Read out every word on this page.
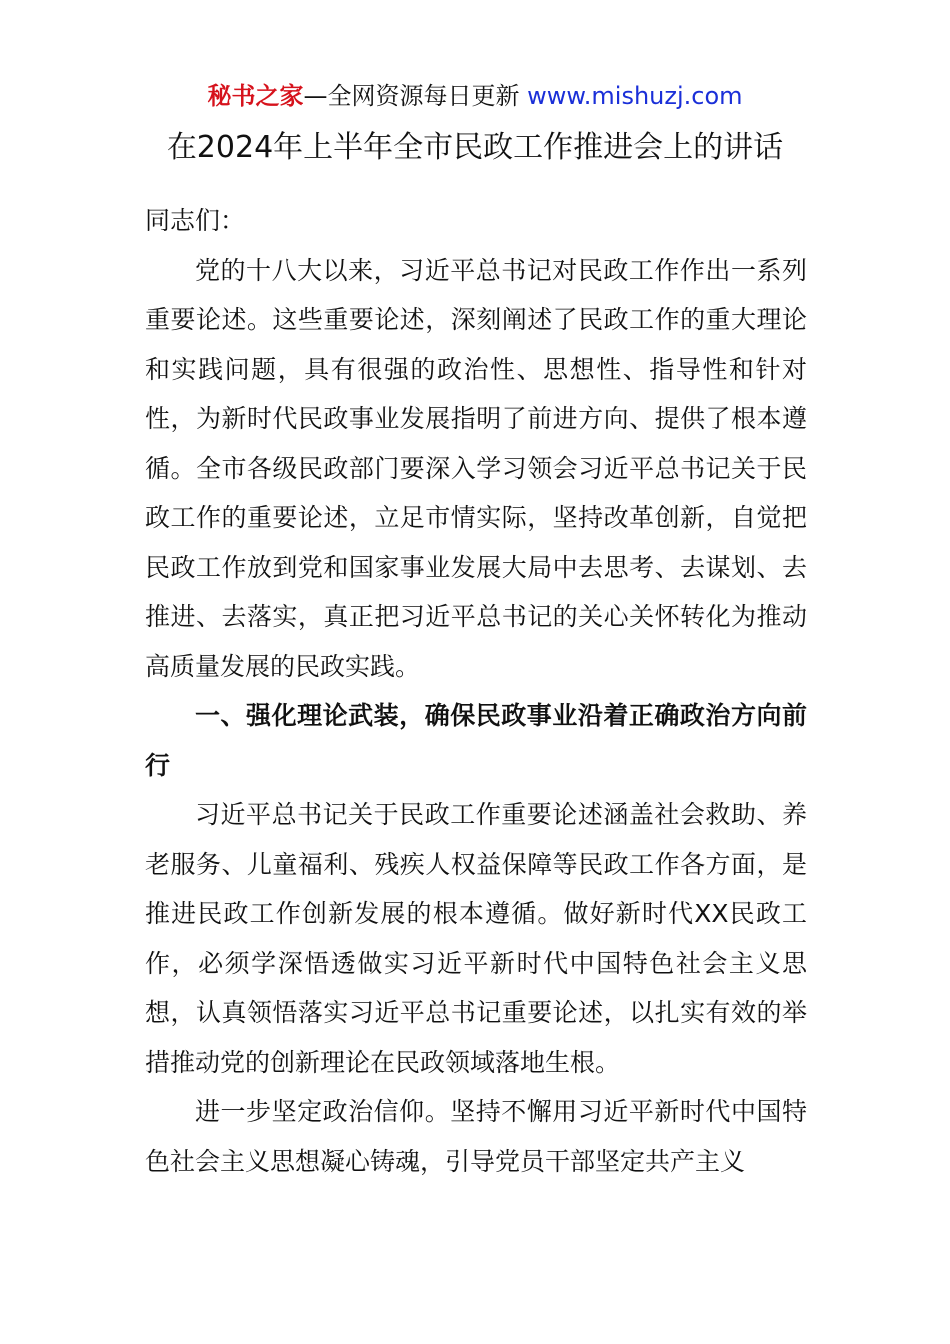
秘书之家—全网资源每日更新 www.mishuzj.com
在2024年上半年全市民政工作推进会上的讲话

同志们：

党的十八大以来，习近平总书记对民政工作作出一系列重要论述。这些重要论述，深刻阐述了民政工作的重大理论和实践问题，具有很强的政治性、思想性、指导性和针对性，为新时代民政事业发展指明了前进方向、提供了根本遵循。全市各级民政部门要深入学习领会习近平总书记关于民政工作的重要论述，立足市情实际，坚持改革创新，自觉把民政工作放到党和国家事业发展大局中去思考、去谋划、去推进、去落实，真正把习近平总书记的关心关怀转化为推动高质量发展的民政实践。

一、强化理论武装，确保民政事业沿着正确政治方向前行

习近平总书记关于民政工作重要论述涵盖社会救助、养老服务、儿童福利、残疾人权益保障等民政工作各方面，是推进民政工作创新发展的根本遵循。做好新时代XX民政工作，必须学深悟透做实习近平新时代中国特色社会主义思想，认真领悟落实习近平总书记重要论述，以扎实有效的举措推动党的创新理论在民政领域落地生根。

进一步坚定政治信仰。坚持不懈用习近平新时代中国特色社会主义思想凝心铸魂，引导党员干部坚定共产主义
